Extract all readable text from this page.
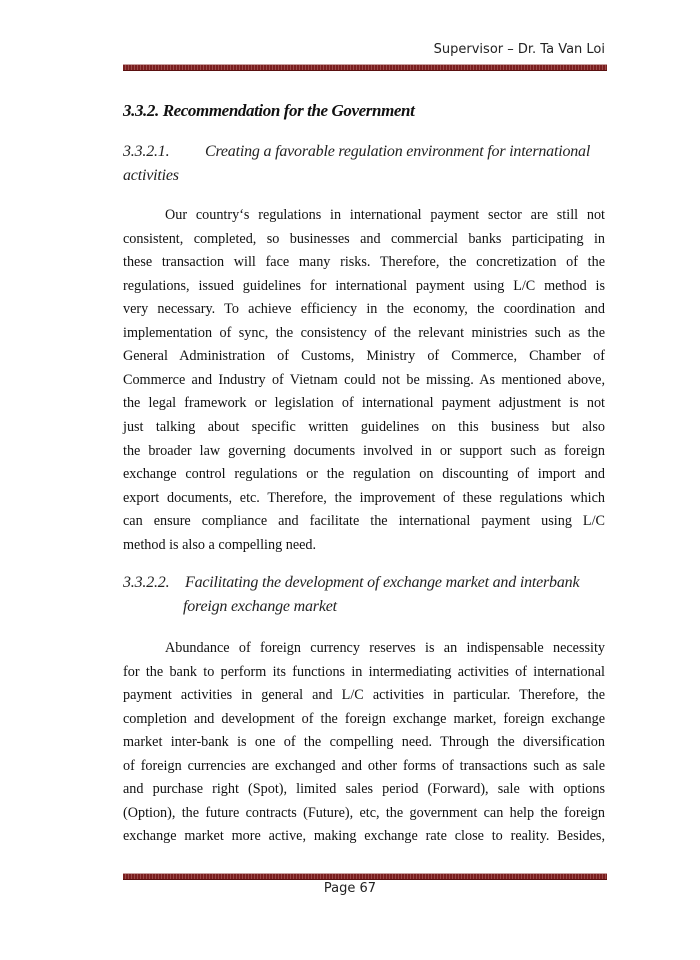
Supervisor – Dr. Ta Van Loi
3.3.2. Recommendation for the Government
3.3.2.1. Creating a favorable regulation environment for international
activities
Our country‘s regulations in international payment sector are still not
consistent, completed, so businesses and commercial banks participating in
these transaction will face many risks. Therefore, the concretization of the
regulations, issued guidelines for international payment using L/C method is
very necessary. To achieve efficiency in the economy, the coordination and
implementation of sync, the consistency of the relevant ministries such as the
General Administration of Customs, Ministry of Commerce, Chamber of
Commerce and Industry of Vietnam could not be missing. As mentioned above,
the legal framework or legislation of international payment adjustment is not
just talking about specific written guidelines on this business but also
the broader law governing documents involved in or support such as foreign
exchange control regulations or the regulation on discounting of import and
export documents, etc. Therefore, the improvement of these regulations which
can ensure compliance and facilitate the international payment using L/C
method is also a compelling need.
3.3.2.2. Facilitating the development of exchange market and interbank
foreign exchange market
Abundance of foreign currency reserves is an indispensable necessity
for the bank to perform its functions in intermediating activities of international
payment activities in general and L/C activities in particular. Therefore, the
completion and development of the foreign exchange market, foreign exchange
market inter-bank is one of the compelling need. Through the diversification
of foreign currencies are exchanged and other forms of transactions such as sale
and purchase right (Spot), limited sales period (Forward), sale with options
(Option), the future contracts (Future), etc, the government can help the foreign
exchange market more active, making exchange rate close to reality. Besides,
Page 67
